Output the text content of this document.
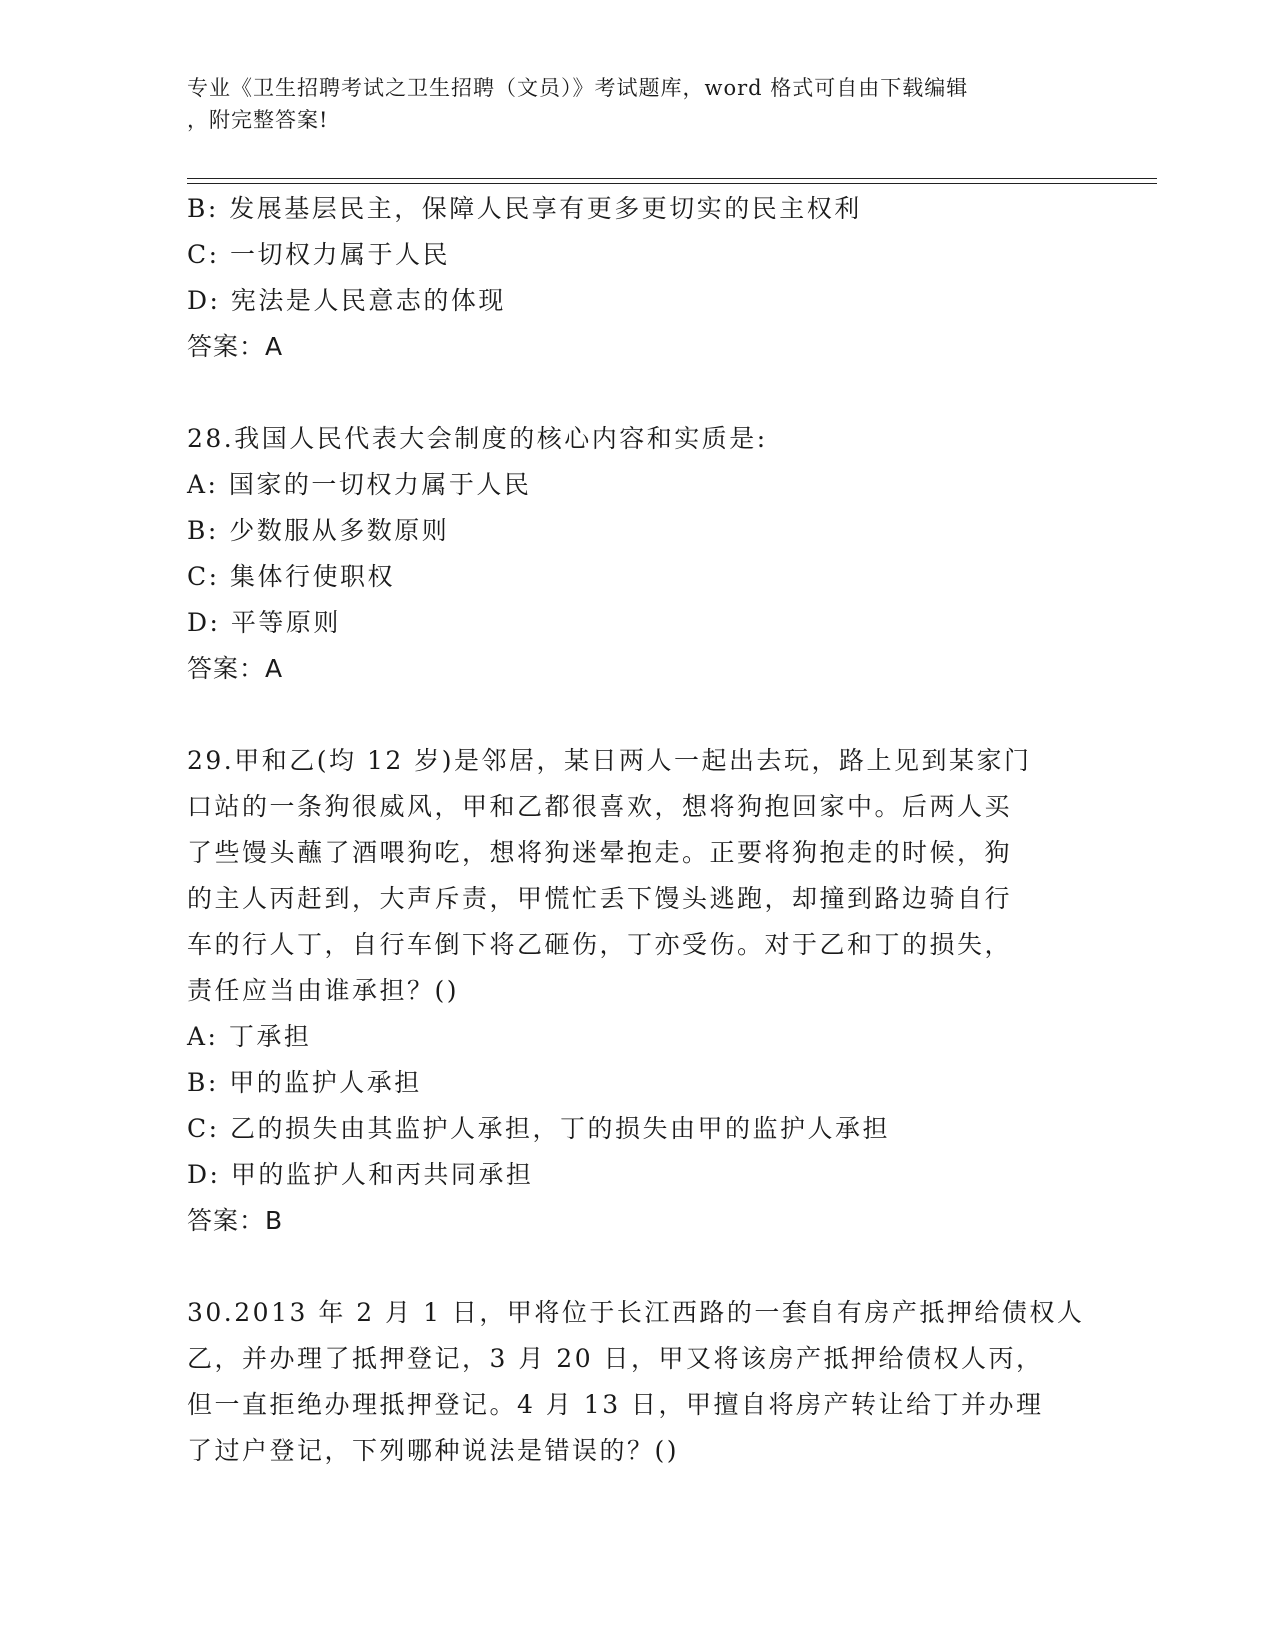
专业《卫生招聘考试之卫生招聘（文员）》考试题库，word 格式可自由下载编辑
，附完整答案!
B: 发展基层民主，保障人民享有更多更切实的民主权利
C: 一切权力属于人民
D: 宪法是人民意志的体现
答案：A
28.我国人民代表大会制度的核心内容和实质是:
A: 国家的一切权力属于人民
B: 少数服从多数原则
C: 集体行使职权
D: 平等原则
答案：A
29.甲和乙(均 12 岁)是邻居，某日两人一起出去玩，路上见到某家门
口站的一条狗很威风，甲和乙都很喜欢，想将狗抱回家中。后两人买
了些馒头蘸了酒喂狗吃，想将狗迷晕抱走。正要将狗抱走的时候，狗
的主人丙赶到，大声斥责，甲慌忙丢下馒头逃跑，却撞到路边骑自行
车的行人丁，自行车倒下将乙砸伤，丁亦受伤。对于乙和丁的损失，
责任应当由谁承担？()
A: 丁承担
B: 甲的监护人承担
C: 乙的损失由其监护人承担，丁的损失由甲的监护人承担
D: 甲的监护人和丙共同承担
答案：B
30.2013 年 2 月 1 日，甲将位于长江西路的一套自有房产抵押给债权人
乙，并办理了抵押登记，3 月 20 日，甲又将该房产抵押给债权人丙，
但一直拒绝办理抵押登记。4 月 13 日，甲擅自将房产转让给丁并办理
了过户登记，下列哪种说法是错误的？()
